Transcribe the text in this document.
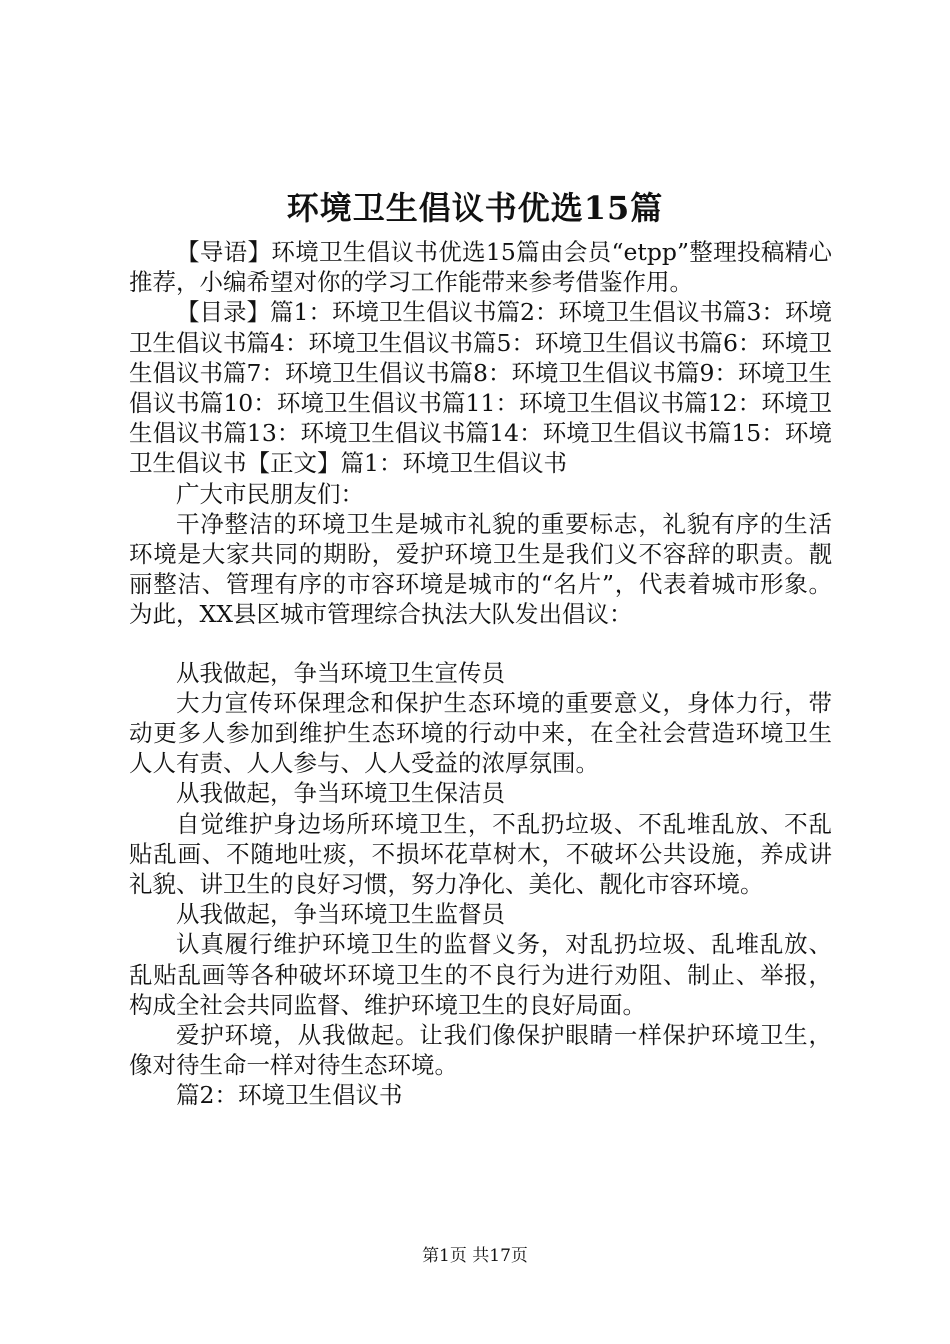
环境卫生倡议书优选15篇

【导语】环境卫生倡议书优选15篇由会员“etpp”整理投稿精心推荐，小编希望对你的学习工作能带来参考借鉴作用。

【目录】篇1：环境卫生倡议书篇2：环境卫生倡议书篇3：环境卫生倡议书篇4：环境卫生倡议书篇5：环境卫生倡议书篇6：环境卫生倡议书篇7：环境卫生倡议书篇8：环境卫生倡议书篇9：环境卫生倡议书篇10：环境卫生倡议书篇11：环境卫生倡议书篇12：环境卫生倡议书篇13：环境卫生倡议书篇14：环境卫生倡议书篇15：环境卫生倡议书【正文】篇1：环境卫生倡议书

广大市民朋友们：

干净整洁的环境卫生是城市礼貌的重要标志，礼貌有序的生活环境是大家共同的期盼，爱护环境卫生是我们义不容辞的职责。靓丽整洁、管理有序的市容环境是城市的“名片”，代表着城市形象。为此，XX县区城市管理综合执法大队发出倡议：

从我做起，争当环境卫生宣传员

大力宣传环保理念和保护生态环境的重要意义，身体力行，带动更多人参加到维护生态环境的行动中来，在全社会营造环境卫生人人有责、人人参与、人人受益的浓厚氛围。

从我做起，争当环境卫生保洁员

自觉维护身边场所环境卫生，不乱扔垃圾、不乱堆乱放、不乱贴乱画、不随地吐痰，不损坏花草树木，不破坏公共设施，养成讲礼貌、讲卫生的良好习惯，努力净化、美化、靓化市容环境。

从我做起，争当环境卫生监督员

认真履行维护环境卫生的监督义务，对乱扔垃圾、乱堆乱放、乱贴乱画等各种破坏环境卫生的不良行为进行劝阻、制止、举报，构成全社会共同监督、维护环境卫生的良好局面。

爱护环境，从我做起。让我们像保护眼睛一样保护环境卫生，像对待生命一样对待生态环境。

篇2：环境卫生倡议书

第1页 共17页
